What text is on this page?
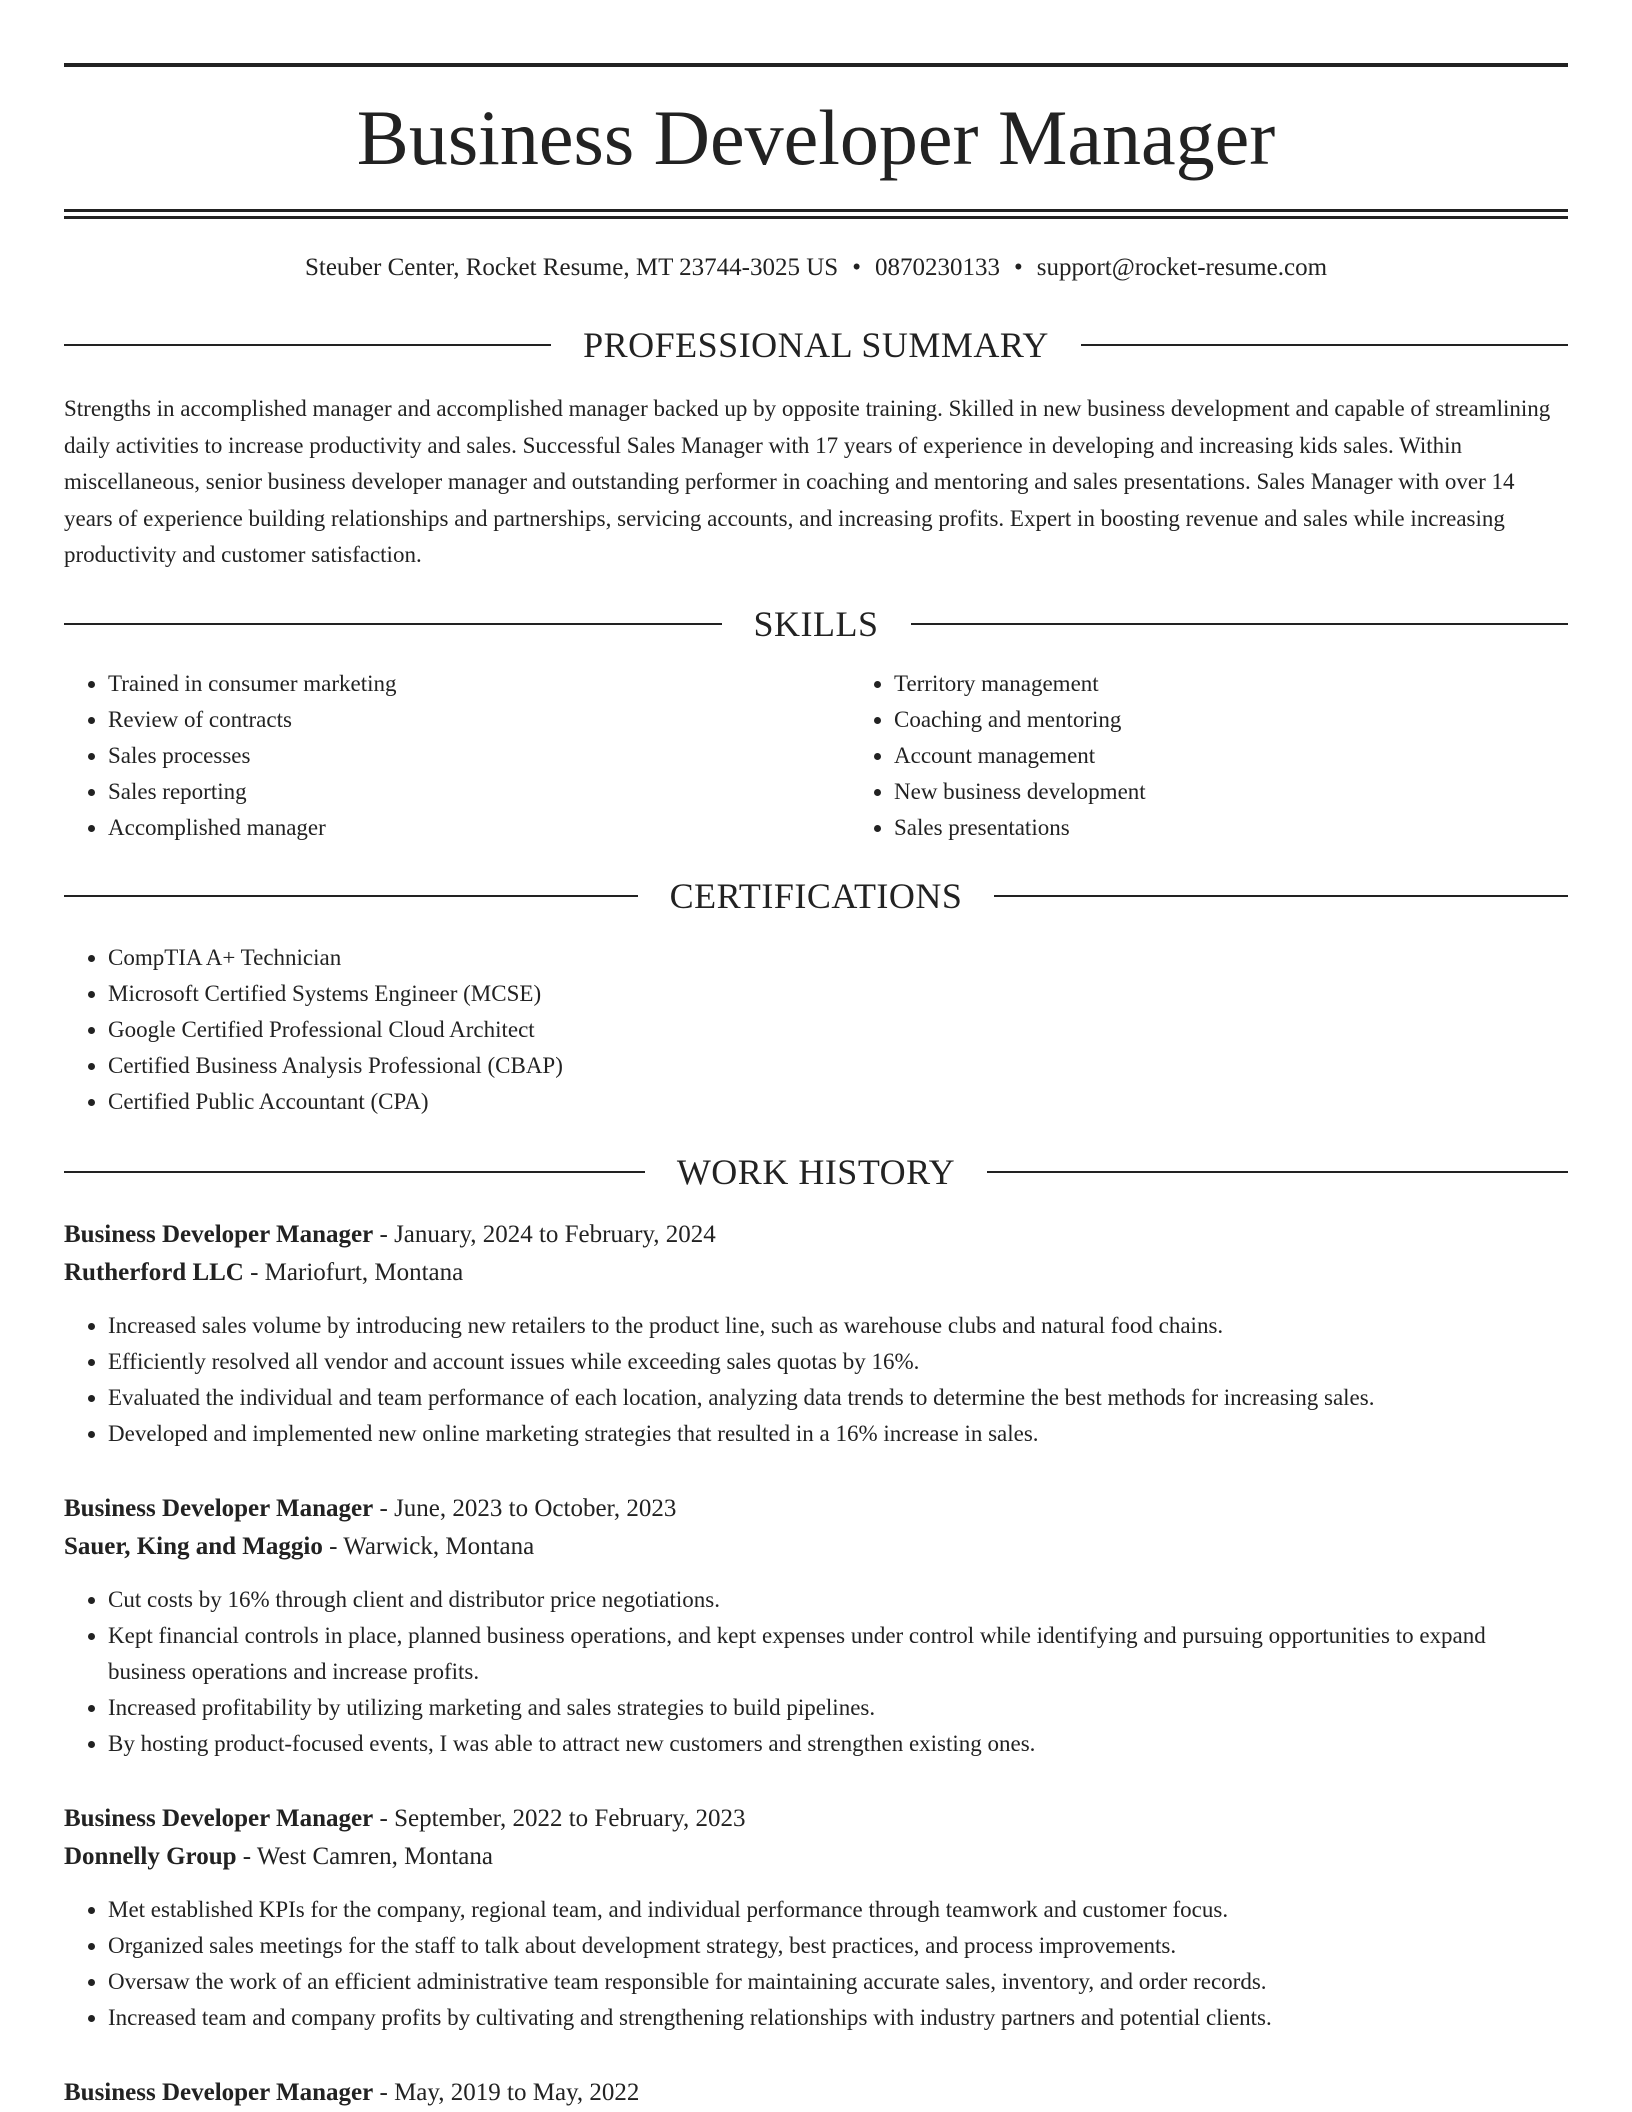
Business Developer Manager
Steuber Center, Rocket Resume, MT 23744-3025 US • 0870230133 • support@rocket-resume.com
PROFESSIONAL SUMMARY
Strengths in accomplished manager and accomplished manager backed up by opposite training. Skilled in new business development and capable of streamlining daily activities to increase productivity and sales. Successful Sales Manager with 17 years of experience in developing and increasing kids sales. Within miscellaneous, senior business developer manager and outstanding performer in coaching and mentoring and sales presentations. Sales Manager with over 14 years of experience building relationships and partnerships, servicing accounts, and increasing profits. Expert in boosting revenue and sales while increasing productivity and customer satisfaction.
SKILLS
• Trained in consumer marketing
• Review of contracts
• Sales processes
• Sales reporting
• Accomplished manager
• Territory management
• Coaching and mentoring
• Account management
• New business development
• Sales presentations
CERTIFICATIONS
• CompTIA A+ Technician
• Microsoft Certified Systems Engineer (MCSE)
• Google Certified Professional Cloud Architect
• Certified Business Analysis Professional (CBAP)
• Certified Public Accountant (CPA)
WORK HISTORY
Business Developer Manager - January, 2024 to February, 2024
Rutherford LLC - Mariofurt, Montana
• Increased sales volume by introducing new retailers to the product line, such as warehouse clubs and natural food chains.
• Efficiently resolved all vendor and account issues while exceeding sales quotas by 16%.
• Evaluated the individual and team performance of each location, analyzing data trends to determine the best methods for increasing sales.
• Developed and implemented new online marketing strategies that resulted in a 16% increase in sales.
Business Developer Manager - June, 2023 to October, 2023
Sauer, King and Maggio - Warwick, Montana
• Cut costs by 16% through client and distributor price negotiations.
• Kept financial controls in place, planned business operations, and kept expenses under control while identifying and pursuing opportunities to expand business operations and increase profits.
• Increased profitability by utilizing marketing and sales strategies to build pipelines.
• By hosting product-focused events, I was able to attract new customers and strengthen existing ones.
Business Developer Manager - September, 2022 to February, 2023
Donnelly Group - West Camren, Montana
• Met established KPIs for the company, regional team, and individual performance through teamwork and customer focus.
• Organized sales meetings for the staff to talk about development strategy, best practices, and process improvements.
• Oversaw the work of an efficient administrative team responsible for maintaining accurate sales, inventory, and order records.
• Increased team and company profits by cultivating and strengthening relationships with industry partners and potential clients.
Business Developer Manager - May, 2019 to May, 2022
